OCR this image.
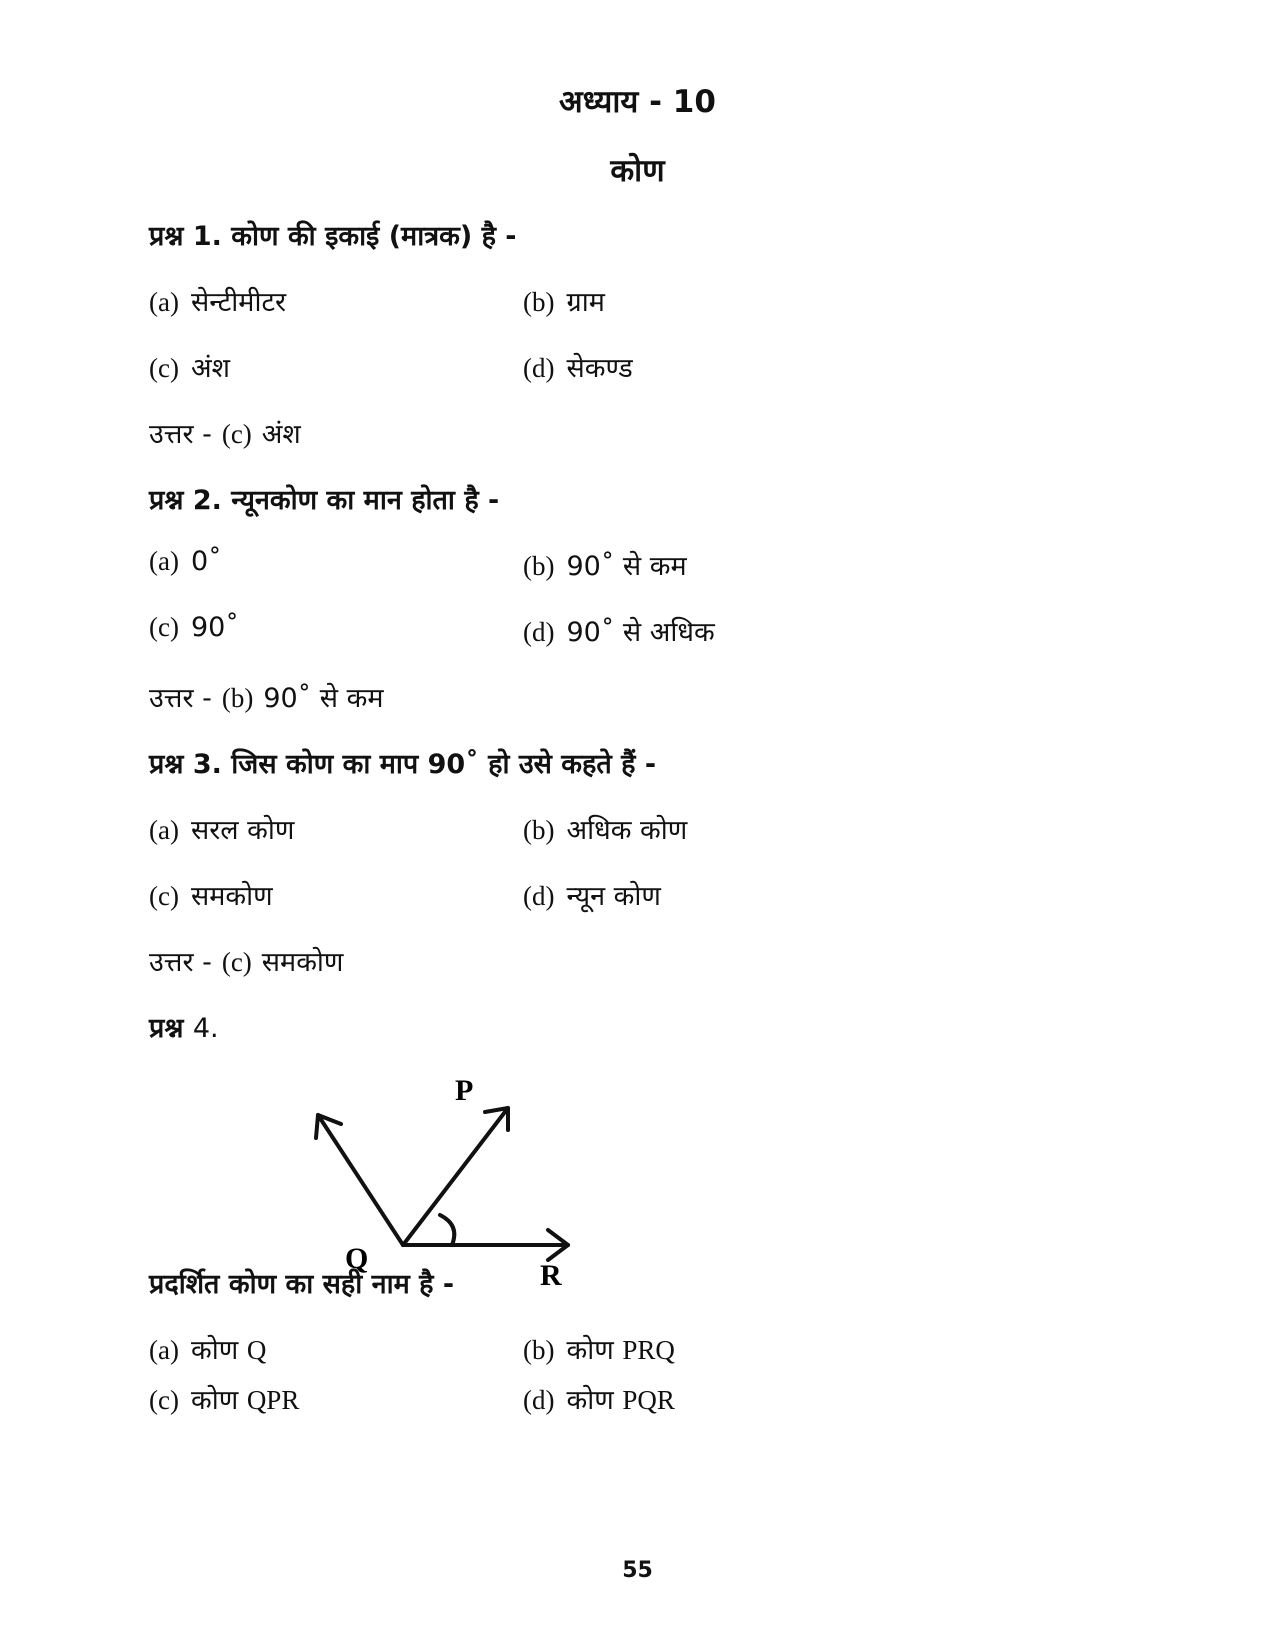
अध्याय - 10
कोण
प्रश्न 1. कोण की इकाई (मात्रक) है -
(a) सेन्टीमीटर	(b) ग्राम
(c) अंश	(d) सेकण्ड
उत्तर - (c) अंश
प्रश्न 2. न्यूनकोण का मान होता है -
(a) 0˚	(b) 90˚ से कम
(c) 90˚	(d) 90˚ से अधिक
उत्तर - (b) 90˚ से कम
प्रश्न 3. जिस कोण का माप 90˚ हो उसे कहते हैं -
(a) सरल कोण	(b) अधिक कोण
(c) समकोण	(d) न्यून कोण
उत्तर - (c) समकोण
प्रश्न 4.
P
Q
R
प्रदर्शित कोण का सही नाम है -
(a) कोण Q	(b) कोण PRQ
(c) कोण QPR	(d) कोण PQR
55
